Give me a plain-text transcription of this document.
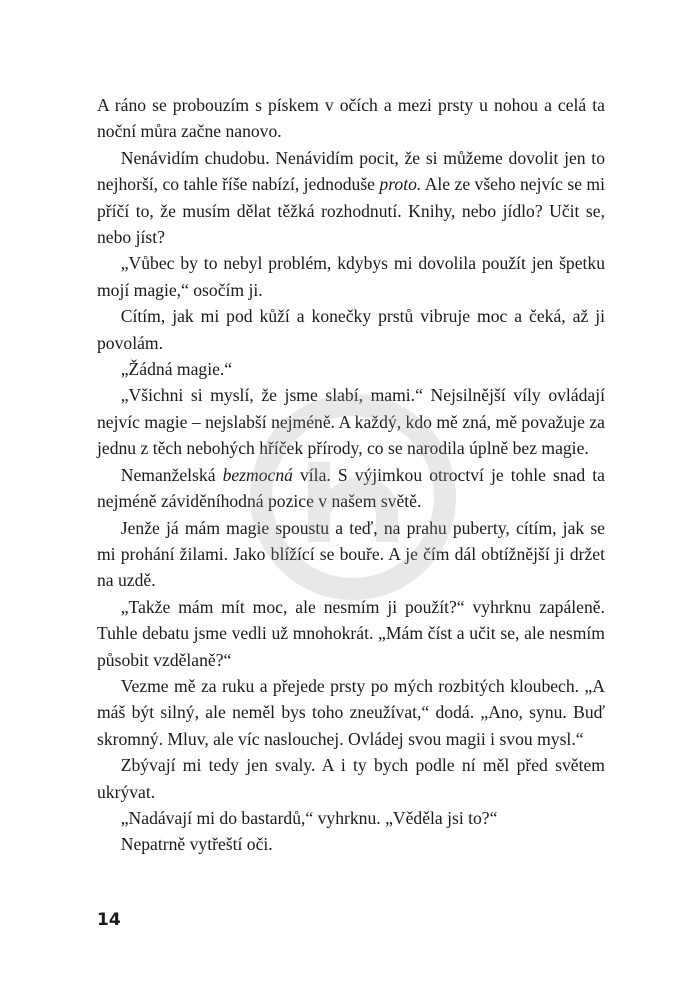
A ráno se probouzím s pískem v očích a mezi prsty u nohou a celá ta noční můra začne nanovo.

Nenávidím chudobu. Nenávidím pocit, že si můžeme dovolit jen to nejhorší, co tahle říše nabízí, jednoduše proto. Ale ze všeho nejvíc se mi příčí to, že musím dělat těžká rozhodnutí. Knihy, nebo jídlo? Učit se, nebo jíst?

„Vůbec by to nebyl problém, kdybys mi dovolila použít jen špetku mojí magie,“ osočím ji.

Cítím, jak mi pod kůží a konečky prstů vibruje moc a čeká, až ji povolám.

„Žádná magie.“

„Všichni si myslí, že jsme slabí, mami.“ Nejsilnější víly ovládají nejvíc magie – nejslabší nejméně. A každý, kdo mě zná, mě považuje za jednu z těch nebohých hříček přírody, co se narodila úplně bez magie.

Nemanželská bezmocná víla. S výjimkou otroctví je tohle snad ta nejméně záviděníhodná pozice v našem světě.

Jenže já mám magie spoustu a teď, na prahu puberty, cítím, jak se mi prohání žilami. Jako blížící se bouře. A je čím dál obtížnější ji držet na uzdě.

„Takže mám mít moc, ale nesmím ji použít?“ vyhrknu zapáleně. Tuhle debatu jsme vedli už mnohokrát. „Mám číst a učit se, ale nesmím působit vzdělaně?“

Vezme mě za ruku a přejede prsty po mých rozbitých kloubech. „A máš být silný, ale neměl bys toho zneužívat,“ dodá. „Ano, synu. Buď skromný. Mluv, ale víc naslouchej. Ovládej svou magii i svou mysl.“

Zbývají mi tedy jen svaly. A i ty bych podle ní měl před světem ukrývat.

„Nadávají mi do bastardů,“ vyhrknu. „Věděla jsi to?“

Nepatrně vytřeští oči.

14
